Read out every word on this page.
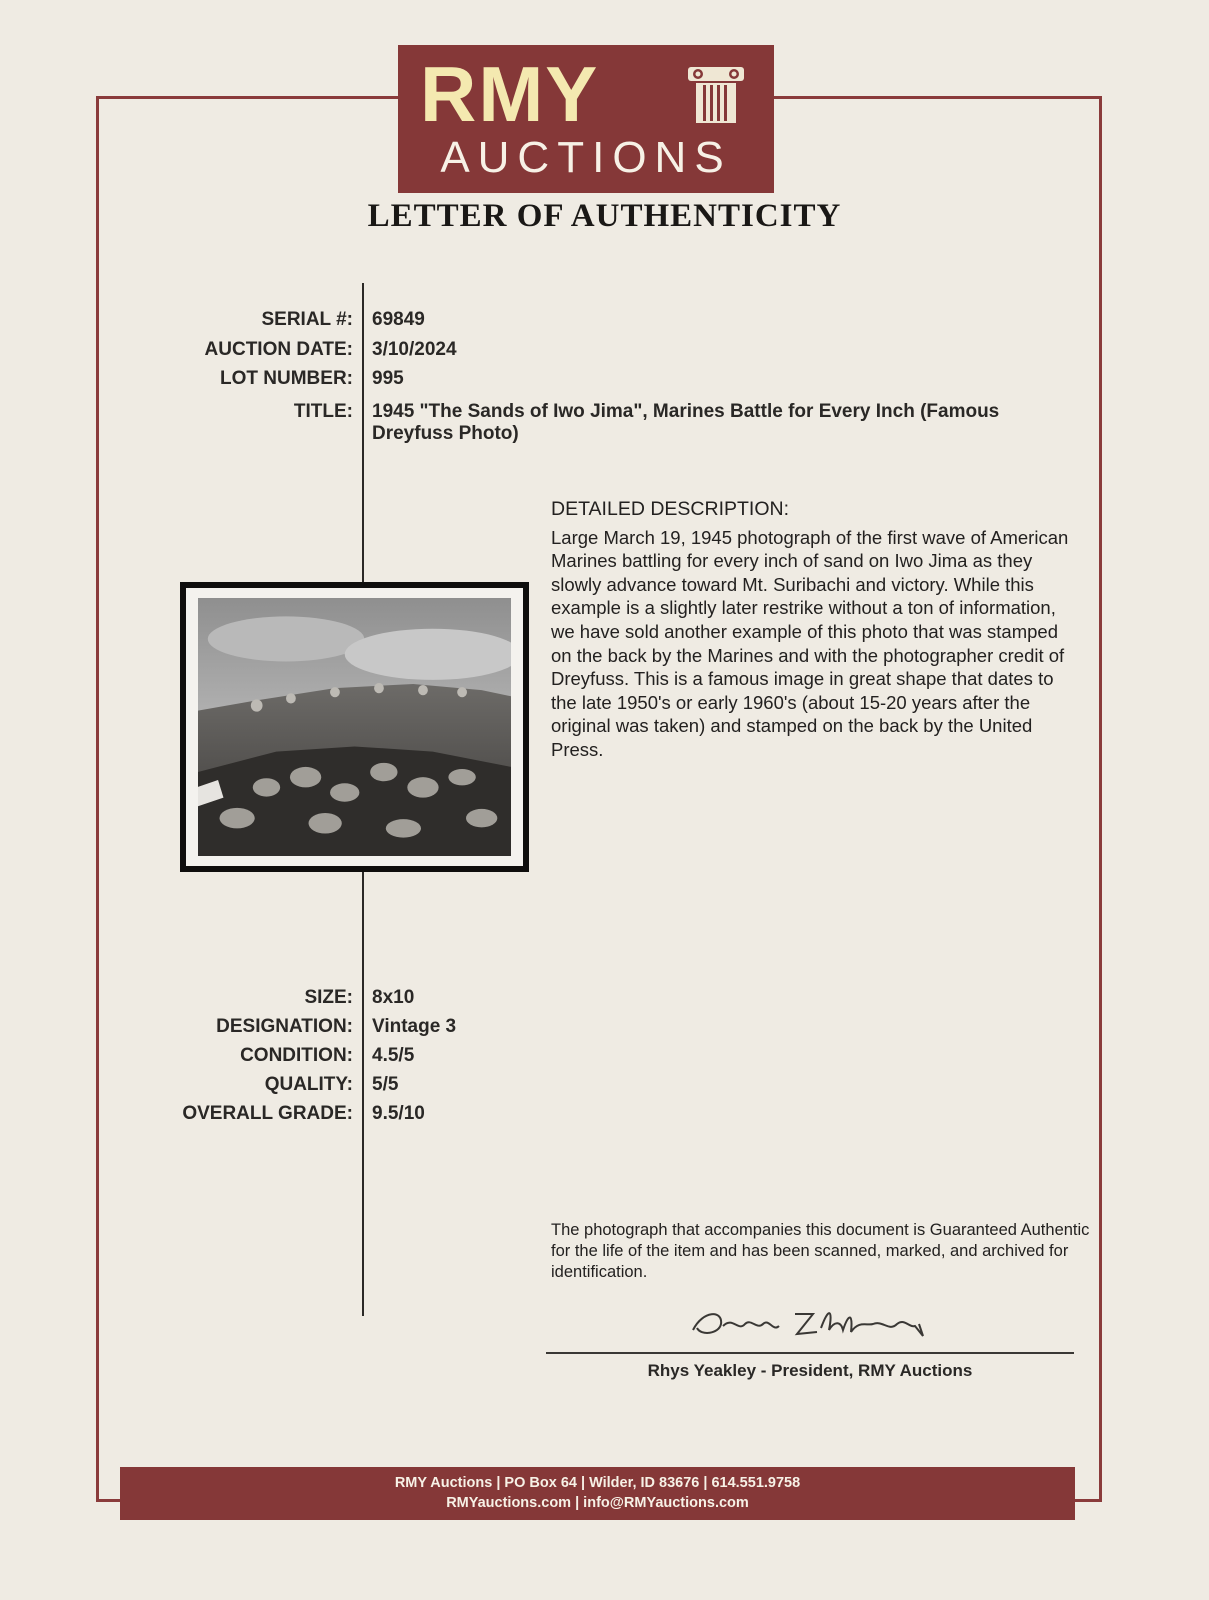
RMY
AUCTIONS
LETTER OF AUTHENTICITY
SERIAL #: 69849
AUCTION DATE: 3/10/2024
LOT NUMBER: 995
TITLE: 1945 "The Sands of Iwo Jima", Marines Battle for Every Inch (Famous Dreyfuss Photo)
DETAILED DESCRIPTION:
Large March 19, 1945 photograph of the first wave of American Marines battling for every inch of sand on Iwo Jima as they slowly advance toward Mt. Suribachi and victory. While this example is a slightly later restrike without a ton of information, we have sold another example of this photo that was stamped on the back by the Marines and with the photographer credit of Dreyfuss. This is a famous image in great shape that dates to the late 1950's or early 1960's (about 15-20 years after the original was taken) and stamped on the back by the United Press.
SIZE: 8x10
DESIGNATION: Vintage 3
CONDITION: 4.5/5
QUALITY: 5/5
OVERALL GRADE: 9.5/10
The photograph that accompanies this document is Guaranteed Authentic for the life of the item and has been scanned, marked, and archived for identification.
Rhys Yeakley - President, RMY Auctions
RMY Auctions | PO Box 64 | Wilder, ID 83676 | 614.551.9758
RMYauctions.com | info@RMYauctions.com
